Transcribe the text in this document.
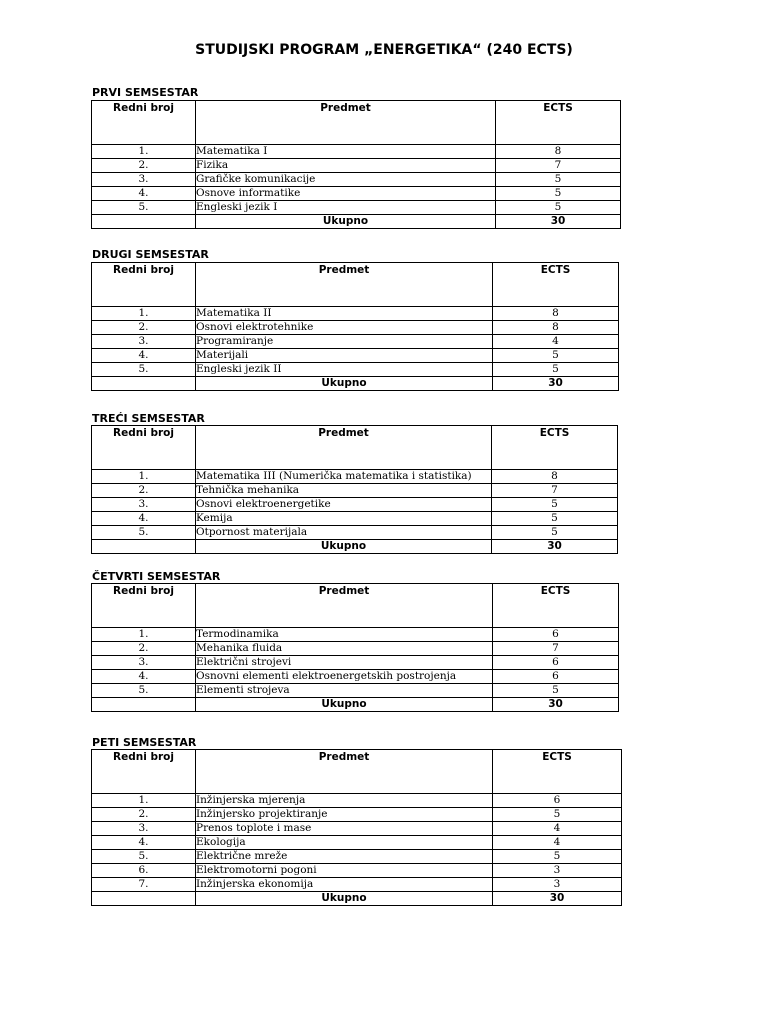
STUDIJSKI PROGRAM „ENERGETIKA“ (240 ECTS)
PRVI SEMSESTAR
Redni broj	Predmet	ECTS
1.	Matematika I	8
2.	Fizika	7
3.	Grafičke komunikacije	5
4.	Osnove informatike	5
5.	Engleski jezik I	5
	Ukupno	30
DRUGI SEMSESTAR
Redni broj	Predmet	ECTS
1.	Matematika II	8
2.	Osnovi elektrotehnike	8
3.	Programiranje	4
4.	Materijali	5
5.	Engleski jezik II	5
	Ukupno	30
TREĆI SEMSESTAR
Redni broj	Predmet	ECTS
1.	Matematika III (Numerička matematika i statistika)	8
2.	Tehnička mehanika	7
3.	Osnovi elektroenergetike	5
4.	Kemija	5
5.	Otpornost materijala	5
	Ukupno	30
ČETVRTI SEMSESTAR
Redni broj	Predmet	ECTS
1.	Termodinamika	6
2.	Mehanika fluida	7
3.	Električni strojevi	6
4.	Osnovni elementi elektroenergetskih postrojenja	6
5.	Elementi strojeva	5
	Ukupno	30
PETI SEMSESTAR
Redni broj	Predmet	ECTS
1.	Inžinjerska mjerenja	6
2.	Inžinjersko projektiranje	5
3.	Prenos toplote i mase	4
4.	Ekologija	4
5.	Električne mreže	5
6.	Elektromotorni pogoni	3
7.	Inžinjerska ekonomija	3
	Ukupno	30
